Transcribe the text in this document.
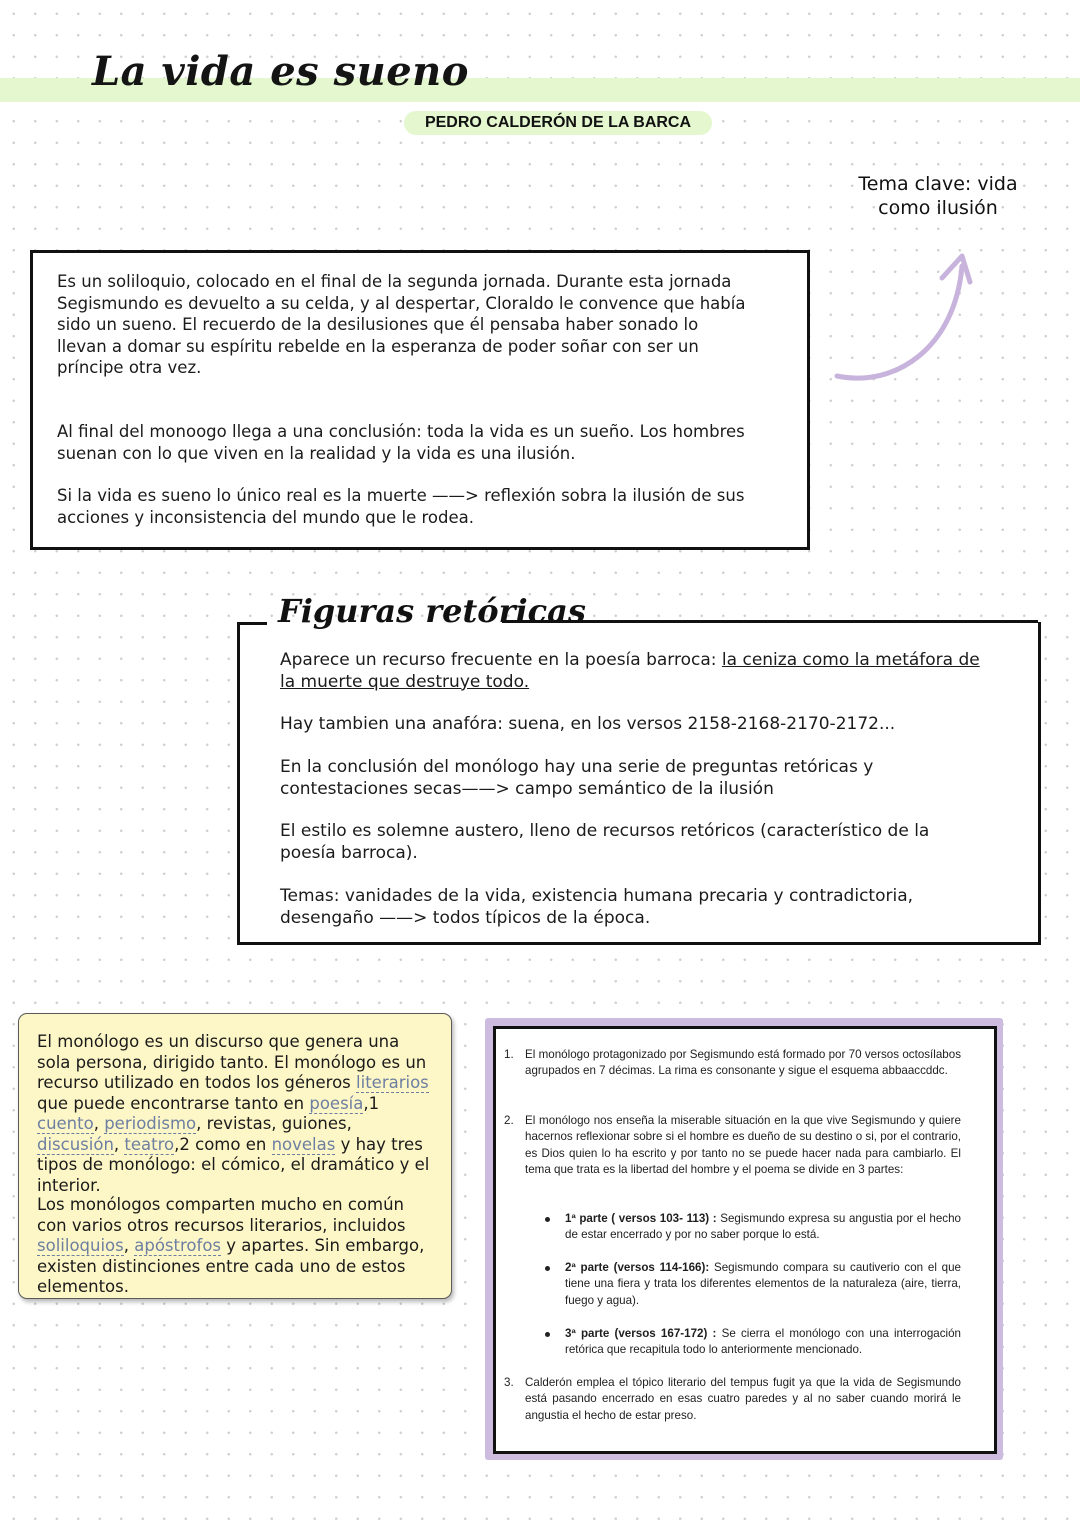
La vida es sueno
PEDRO CALDERÓN DE LA BARCA
Tema clave: vida
como ilusión

Es un soliloquio, colocado en el final de la segunda jornada. Durante esta jornada Segismundo es devuelto a su celda, y al despertar, Cloraldo le convence que había sido un sueno. El recuerdo de la desilusiones que él pensaba haber sonado lo llevan a domar su espíritu rebelde en la esperanza de poder soñar con ser un príncipe otra vez.

Al final del monoogo llega a una conclusión: toda la vida es un sueño. Los hombres suenan con lo que viven en la realidad y la vida es una ilusión.

Si la vida es sueno lo único real es la muerte ——> reflexión sobra la ilusión de sus acciones y inconsistencia del mundo que le rodea.

Aparece un recurso frecuente en la poesía barroca: la ceniza como la metáfora de la muerte que destruye todo.

Hay tambien una anafóra: suena, en los versos 2158-2168-2170-2172...

En la conclusión del monólogo hay una serie de preguntas retóricas y contestaciones secas——> campo semántico de la ilusión

El estilo es solemne austero, lleno de recursos retóricos (característico de la poesía barroca).

Temas: vanidades de la vida, existencia humana precaria y contradictoria, desengaño ——> todos típicos de la época.

Figuras retóricas

El monólogo es un discurso que genera una sola persona, dirigido tanto. El monólogo es un recurso utilizado en todos los géneros literarios que puede encontrarse tanto en poesía,1 cuento, periodismo, revistas, guiones, discusión, teatro,2 como en novelas y hay tres tipos de monólogo: el cómico, el dramático y el interior.

Los monólogos comparten mucho en común con varios otros recursos literarios, incluidos soliloquios, apóstrofos y apartes. Sin embargo, existen distinciones entre cada uno de estos elementos.

1. El monólogo protagonizado por Segismundo está formado por 70 versos octosílabos agrupados en 7 décimas. La rima es consonante y sigue el esquema abbaaccddc.
2. El monólogo nos enseña la miserable situación en la que vive Segismundo y quiere hacernos reflexionar sobre si el hombre es dueño de su destino o si, por el contrario, es Dios quien lo ha escrito y por tanto no se puede hacer nada para cambiarlo. El tema que trata es la libertad del hombre y el poema se divide en 3 partes:
1ª parte ( versos 103- 113) : Segismundo expresa su angustia por el hecho de estar encerrado y por no saber porque lo está.
2ª parte (versos 114-166): Segismundo compara su cautiverio con el que tiene una fiera y trata los diferentes elementos de la naturaleza (aire, tierra, fuego y agua).
3ª parte (versos 167-172) : Se cierra el monólogo con una interrogación retórica que recapitula todo lo anteriormente mencionado.
3. Calderón emplea el tópico literario del tempus fugit ya que la vida de Segismundo está pasando encerrado en esas cuatro paredes y al no saber cuando morirá le angustia el hecho de estar preso.
